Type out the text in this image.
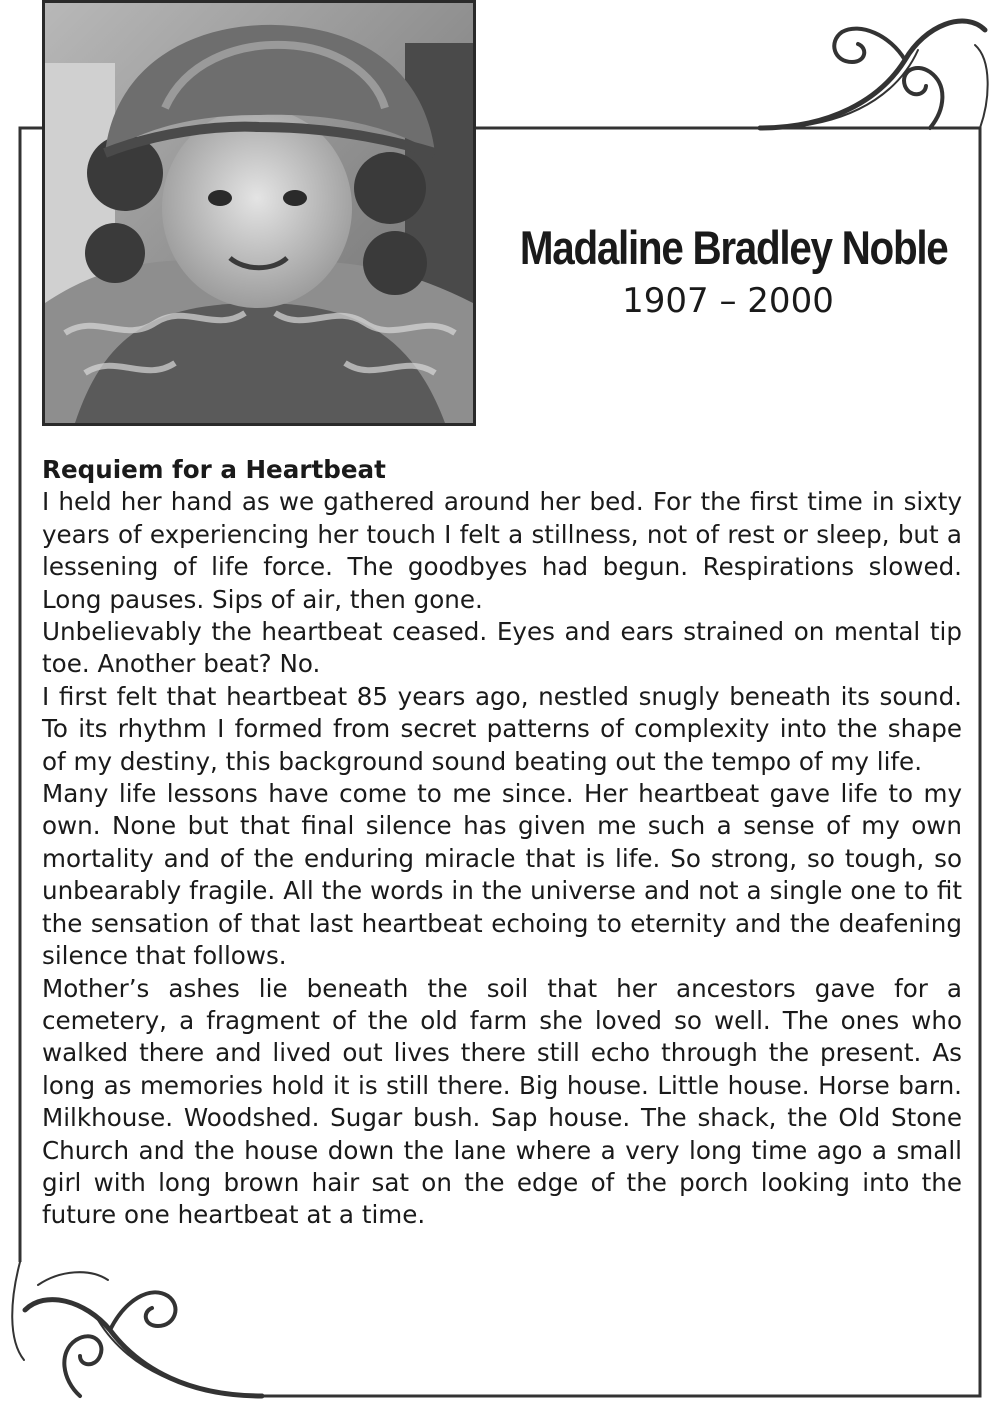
Madaline Bradley Noble
1907 – 2000

Requiem for a Heartbeat

I held her hand as we gathered around her bed. For the first time in sixty years of experiencing her touch I felt a stillness, not of rest or sleep, but a lessening of life force. The goodbyes had begun. Respirations slowed. Long pauses. Sips of air, then gone.

Unbelievably the heartbeat ceased. Eyes and ears strained on mental tip toe. Another beat? No.

I first felt that heartbeat 85 years ago, nestled snugly beneath its sound. To its rhythm I formed from secret patterns of complexity into the shape of my destiny, this background sound beating out the tempo of my life.

Many life lessons have come to me since. Her heartbeat gave life to my own. None but that final silence has given me such a sense of my own mortality and of the enduring miracle that is life. So strong, so tough, so unbearably fragile. All the words in the universe and not a single one to fit the sensation of that last heartbeat echoing to eternity and the deafening silence that follows.

Mother’s ashes lie beneath the soil that her ancestors gave for a cemetery, a fragment of the old farm she loved so well. The ones who walked there and lived out lives there still echo through the present. As long as memories hold it is still there. Big house. Little house. Horse barn. Milkhouse. Woodshed. Sugar bush. Sap house. The shack, the Old Stone Church and the house down the lane where a very long time ago a small girl with long brown hair sat on the edge of the porch looking into the future one heartbeat at a time.
